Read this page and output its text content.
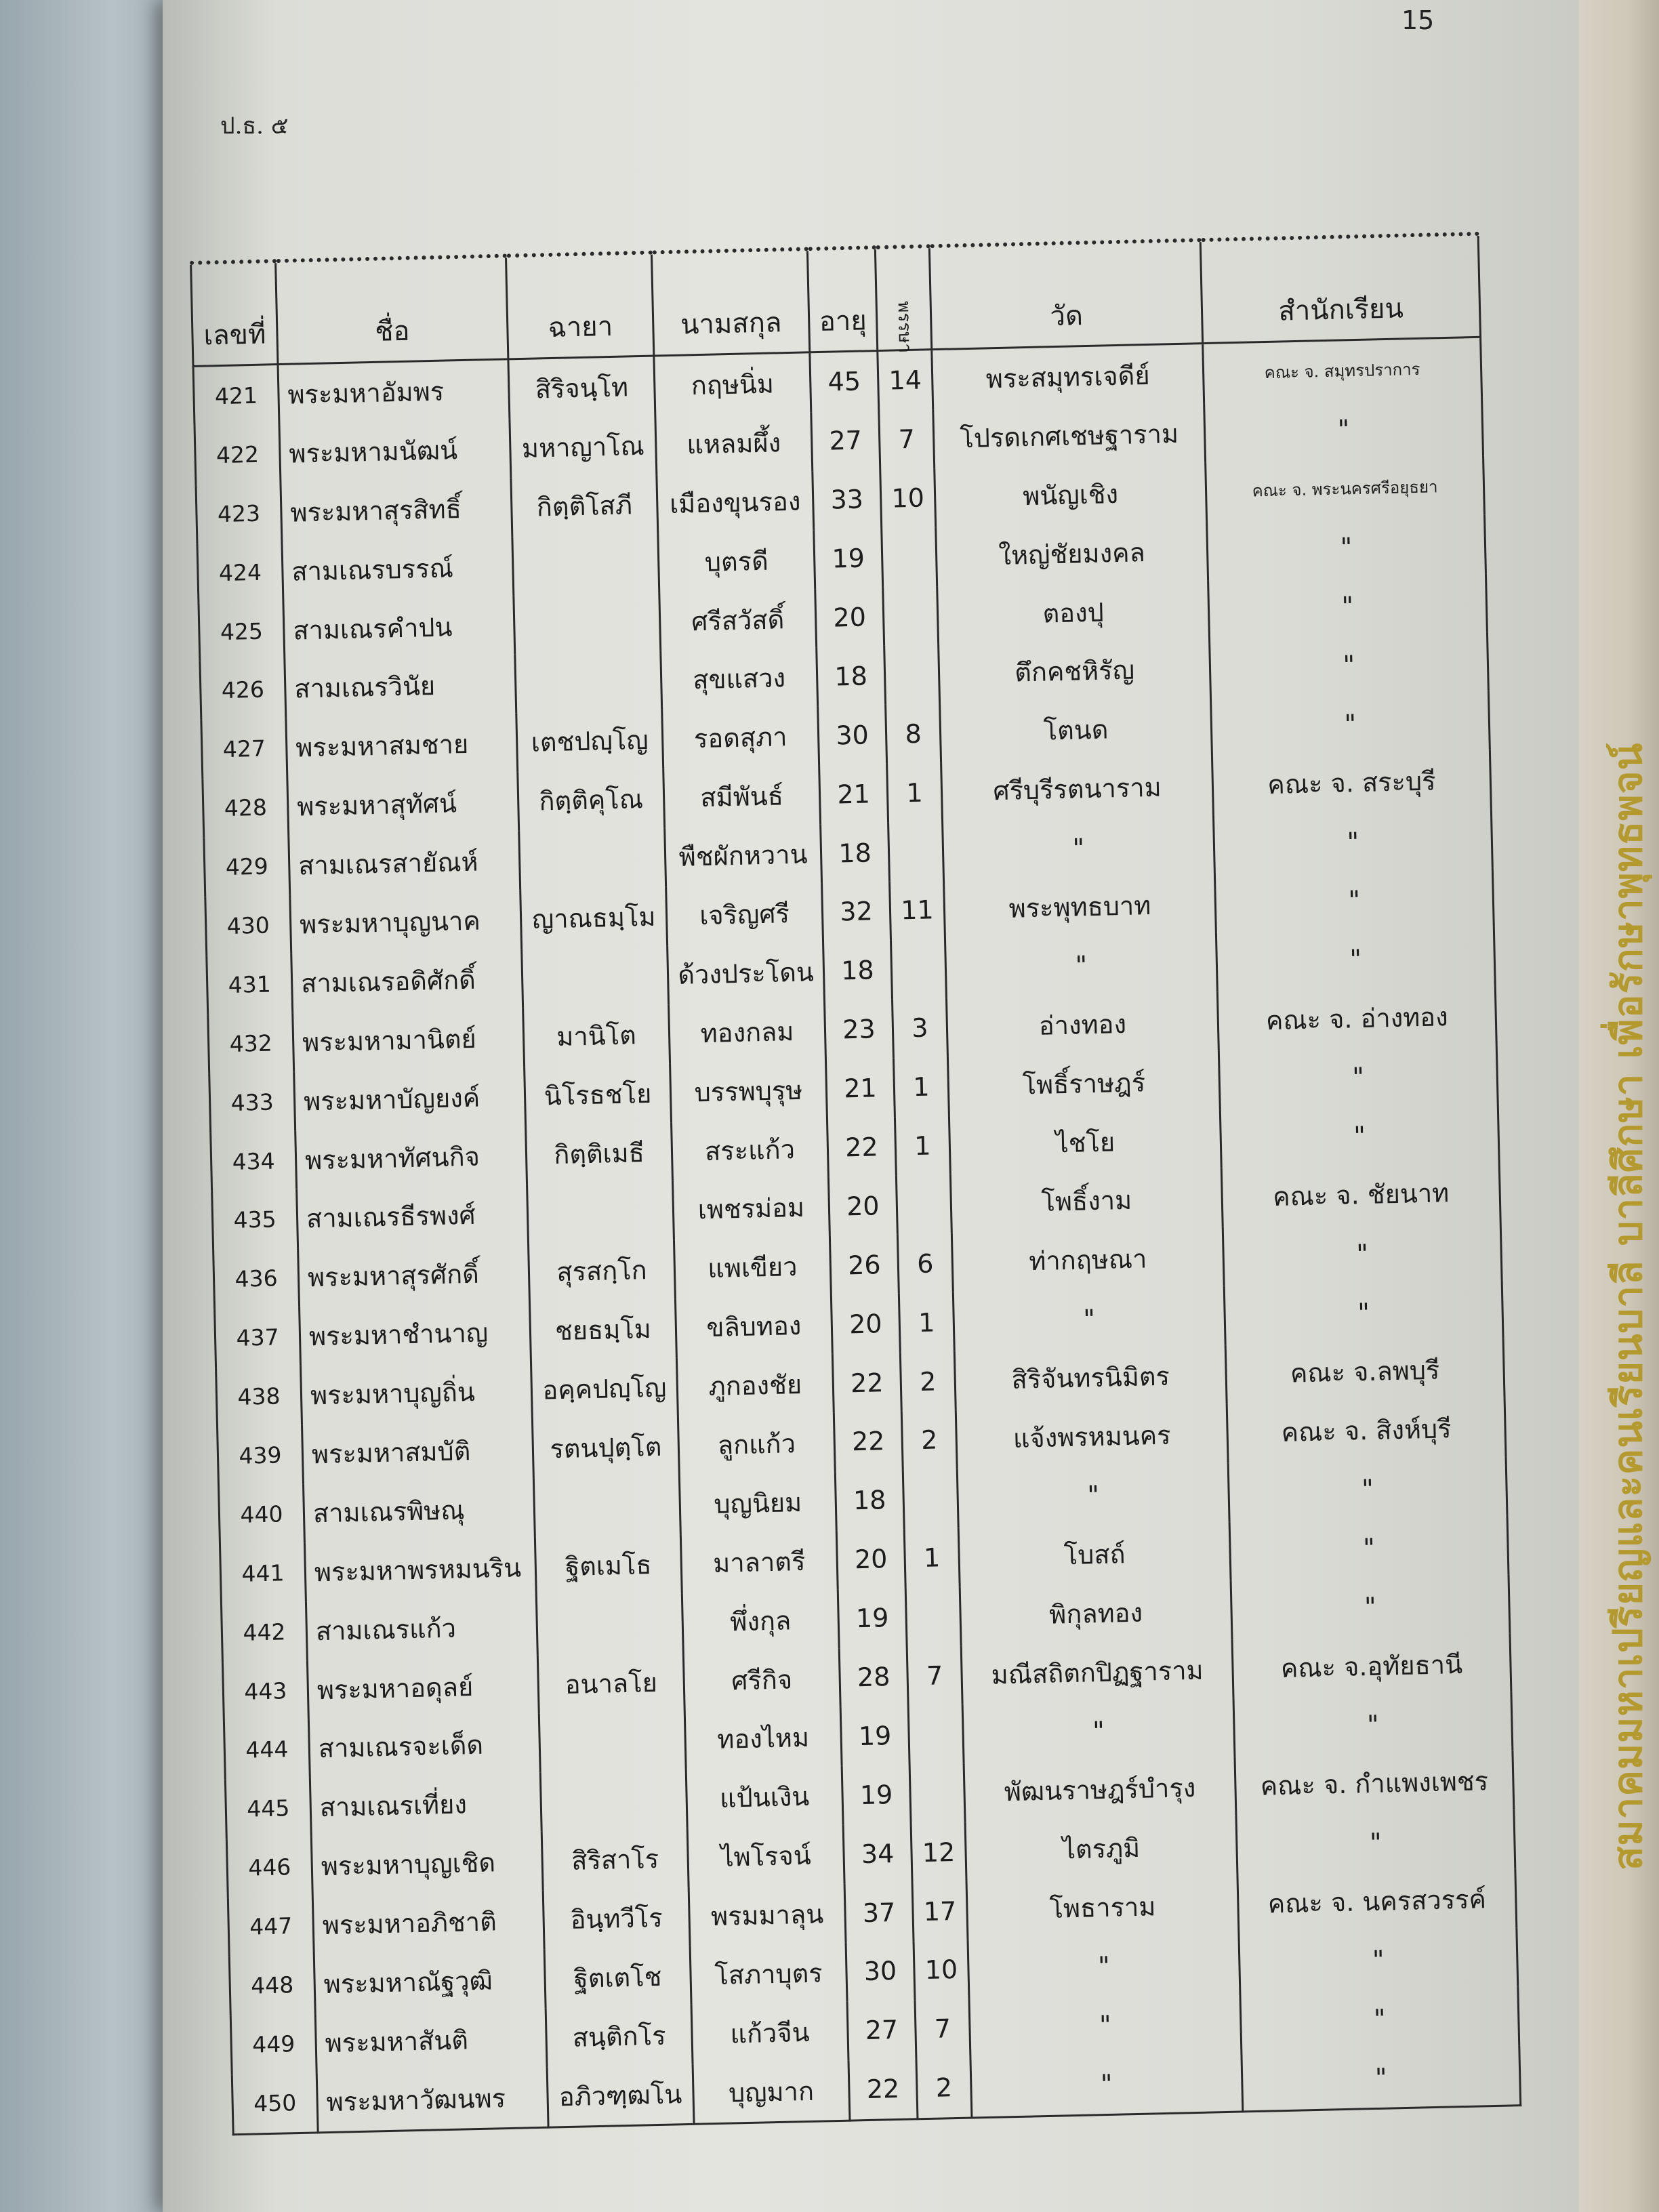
15
ป.ธ. ๕
สมาคมมหาเปรียญและคนเรียนบาลี บาลีศึกษา เพื่อรักษาพุทธพจน์
เลขที่	ชื่อ	ฉายา	นามสกุล	อายุ	พรรษา	วัด	สำนักเรียน
421	พระมหาอัมพร	สิริจนฺโท	กฤษนิ่ม	45	14	พระสมุทรเจดีย์	คณะ จ. สมุทรปราการ
422	พระมหามนัฒน์	มหาญาโณ	แหลมผึ้ง	27	7	โปรดเกศเชษฐาราม	"
423	พระมหาสุรสิทธิ์	กิตฺติโสภี	เมืองขุนรอง	33	10	พนัญเชิง	คณะ จ. พระนครศรีอยุธยา
424	สามเณรบรรณ์		บุตรดี	19		ใหญ่ชัยมงคล	"
425	สามเณรคำปน		ศรีสวัสดิ์	20		ตองปุ	"
426	สามเณรวินัย		สุขแสวง	18		ตึกคชหิรัญ	"
427	พระมหาสมชาย	เตชปญฺโญ	รอดสุภา	30	8	โตนด	"
428	พระมหาสุทัศน์	กิตฺติคุโณ	สมีพันธ์	21	1	ศรีบุรีรตนาราม	คณะ จ. สระบุรี
429	สามเณรสายัณห์		พืชผักหวาน	18		"	"
430	พระมหาบุญนาค	ญาณธมฺโม	เจริญศรี	32	11	พระพุทธบาท	"
431	สามเณรอดิศักดิ์		ด้วงประโดน	18		"	"
432	พระมหามานิตย์	มานิโต	ทองกลม	23	3	อ่างทอง	คณะ จ. อ่างทอง
433	พระมหาบัญยงค์	นิโรธชโย	บรรพบุรุษ	21	1	โพธิ์ราษฎร์	"
434	พระมหาทัศนกิจ	กิตฺติเมธี	สระแก้ว	22	1	ไชโย	"
435	สามเณรธีรพงศ์		เพชรม่อม	20		โพธิ์งาม	คณะ จ. ชัยนาท
436	พระมหาสุรศักดิ์	สุรสกฺโก	แพเขียว	26	6	ท่ากฤษณา	"
437	พระมหาชำนาญ	ชยธมฺโม	ขลิบทอง	20	1	"	"
438	พระมหาบุญถิ่น	อคฺคปญฺโญ	ภูกองชัย	22	2	สิริจันทรนิมิตร	คณะ จ.ลพบุรี
439	พระมหาสมบัติ	รตนปุตฺโต	ลูกแก้ว	22	2	แจ้งพรหมนคร	คณะ จ. สิงห์บุรี
440	สามเณรพิษณุ		บุญนิยม	18		"	"
441	พระมหาพรหมนริน	ฐิตเมโธ	มาลาตรี	20	1	โบสถ์	"
442	สามเณรแก้ว		พึ่งกุล	19		พิกุลทอง	"
443	พระมหาอดุลย์	อนาลโย	ศรีกิจ	28	7	มณีสถิตกปิฏฐาราม	คณะ จ.อุทัยธานี
444	สามเณรจะเด็ด		ทองไหม	19		"	"
445	สามเณรเที่ยง		แป้นเงิน	19		พัฒนราษฎร์บำรุง	คณะ จ. กำแพงเพชร
446	พระมหาบุญเชิด	สิริสาโร	ไพโรจน์	34	12	ไตรภูมิ	"
447	พระมหาอภิชาติ	อินฺทวีโร	พรมมาลุน	37	17	โพธาราม	คณะ จ. นครสวรรค์
448	พระมหาณัฐวุฒิ	ฐิตเตโช	โสภาบุตร	30	10	"	"
449	พระมหาสันติ	สนฺติกโร	แก้วจีน	27	7	"	"
450	พระมหาวัฒนพร	อภิวฑฺฒโน	บุญมาก	22	2	"	"
